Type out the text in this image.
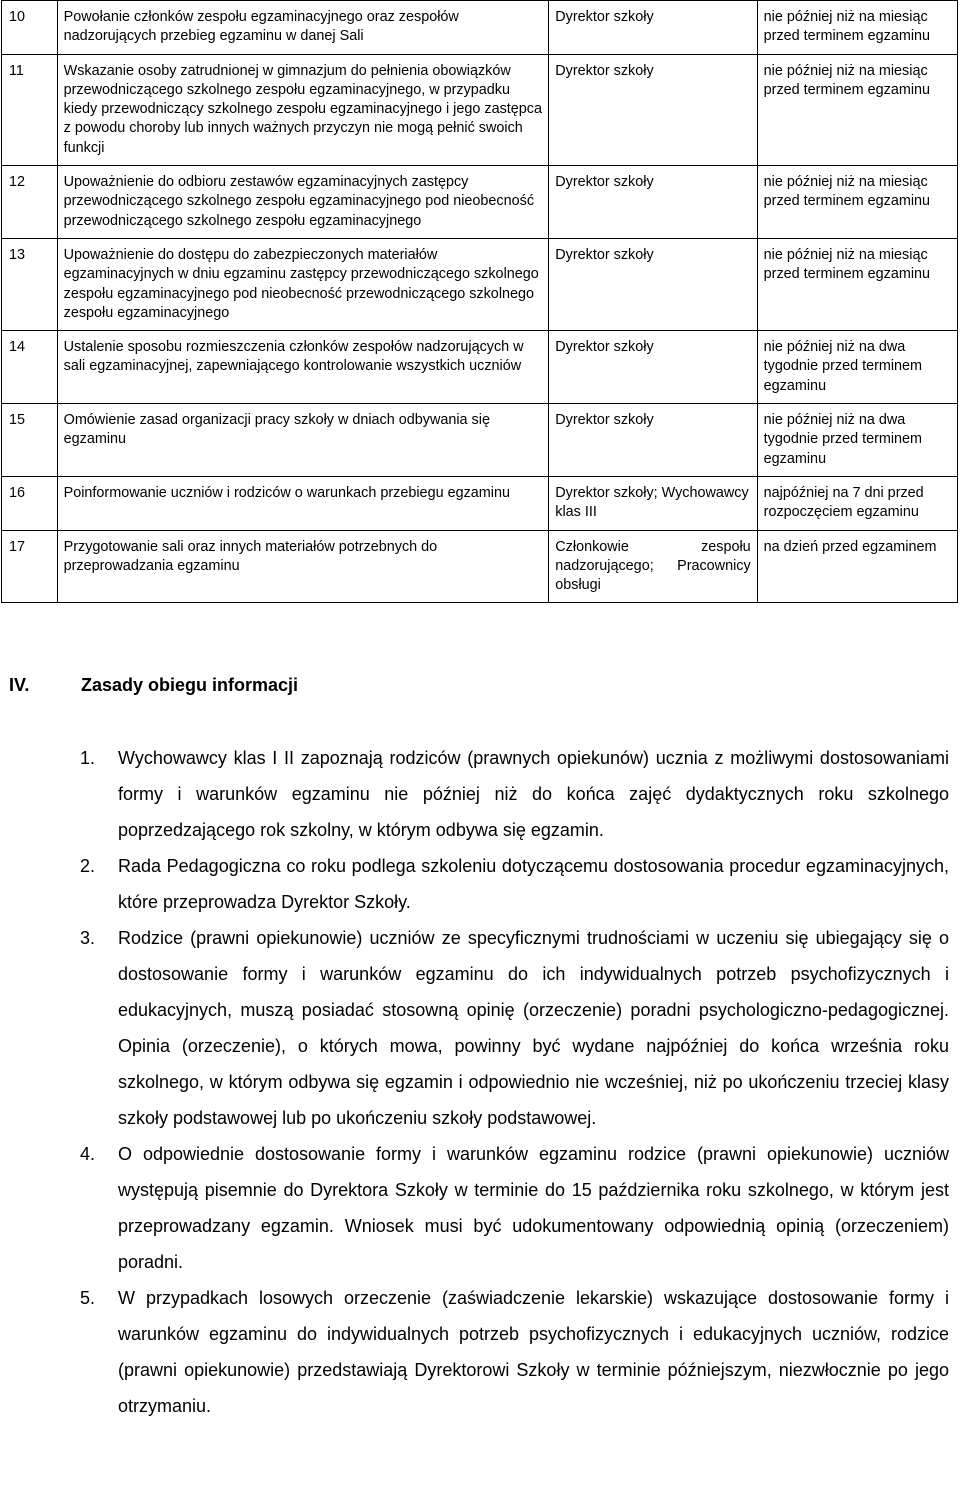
10	Powołanie członków zespołu egzaminacyjnego oraz zespołów nadzorujących przebieg egzaminu w danej Sali	Dyrektor szkoły	nie później niż na miesiąc przed terminem egzaminu
11	Wskazanie osoby zatrudnionej w gimnazjum do pełnienia obowiązków przewodniczącego szkolnego zespołu egzaminacyjnego, w przypadku kiedy przewodniczący szkolnego zespołu egzaminacyjnego i jego zastępca z powodu choroby lub innych ważnych przyczyn nie mogą pełnić swoich funkcji	Dyrektor szkoły	nie później niż na miesiąc przed terminem egzaminu
12	Upoważnienie do odbioru zestawów egzaminacyjnych zastępcy przewodniczącego szkolnego zespołu egzaminacyjnego pod nieobecność przewodniczącego szkolnego zespołu egzaminacyjnego	Dyrektor szkoły	nie później niż na miesiąc przed terminem egzaminu
13	Upoważnienie do dostępu do zabezpieczonych materiałów egzaminacyjnych w dniu egzaminu zastępcy przewodniczącego szkolnego zespołu egzaminacyjnego pod nieobecność przewodniczącego szkolnego zespołu egzaminacyjnego	Dyrektor szkoły	nie później niż na miesiąc przed terminem egzaminu
14	Ustalenie sposobu rozmieszczenia członków zespołów nadzorujących w sali egzaminacyjnej, zapewniającego kontrolowanie wszystkich uczniów	Dyrektor szkoły	nie później niż na dwa tygodnie przed terminem egzaminu
15	Omówienie zasad organizacji pracy szkoły w dniach odbywania się egzaminu	Dyrektor szkoły	nie później niż na dwa tygodnie przed terminem egzaminu
16	Poinformowanie uczniów i rodziców o warunkach przebiegu egzaminu	Dyrektor szkoły; Wychowawcy klas III	najpóźniej na 7 dni przed rozpoczęciem egzaminu
17	Przygotowanie sali oraz innych materiałów potrzebnych do przeprowadzania egzaminu	Członkowie zespołu nadzorującego; Pracownicy obsługi	na dzień przed egzaminem
IV.	Zasady obiegu informacji
1. Wychowawcy klas I II zapoznają rodziców (prawnych opiekunów) ucznia z możliwymi dostosowaniami formy i warunków egzaminu nie później niż do końca zajęć dydaktycznych roku szkolnego poprzedzającego rok szkolny, w którym odbywa się egzamin.
2. Rada Pedagogiczna co roku podlega szkoleniu dotyczącemu dostosowania procedur egzaminacyjnych, które przeprowadza Dyrektor Szkoły.
3. Rodzice (prawni opiekunowie) uczniów ze specyficznymi trudnościami w uczeniu się ubiegający się o dostosowanie formy i warunków egzaminu do ich indywidualnych potrzeb psychofizycznych i edukacyjnych, muszą posiadać stosowną opinię (orzeczenie) poradni psychologiczno-pedagogicznej. Opinia (orzeczenie), o których mowa, powinny być wydane najpóźniej do końca września roku szkolnego, w którym odbywa się egzamin i odpowiednio nie wcześniej, niż po ukończeniu trzeciej klasy szkoły podstawowej lub po ukończeniu szkoły podstawowej.
4. O odpowiednie dostosowanie formy i warunków egzaminu rodzice (prawni opiekunowie) uczniów występują pisemnie do Dyrektora Szkoły w terminie do 15 października roku szkolnego, w którym jest przeprowadzany egzamin. Wniosek musi być udokumentowany odpowiednią opinią (orzeczeniem) poradni.
5. W przypadkach losowych orzeczenie (zaświadczenie lekarskie) wskazujące dostosowanie formy i warunków egzaminu do indywidualnych potrzeb psychofizycznych i edukacyjnych uczniów, rodzice (prawni opiekunowie) przedstawiają Dyrektorowi Szkoły w terminie późniejszym, niezwłocznie po jego otrzymaniu.
